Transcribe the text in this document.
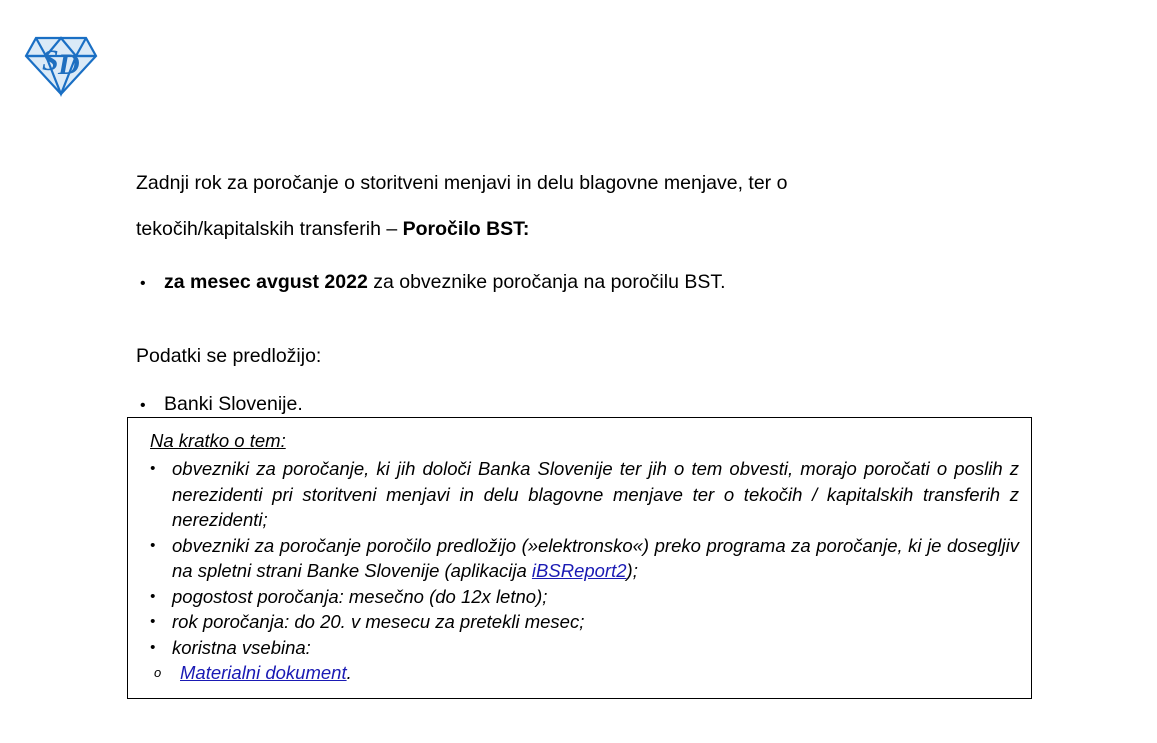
S D

Zadnji rok za poročanje o storitveni menjavi in delu blagovne menjave, ter o
tekočih/kapitalskih transferih – Poročilo BST:

• za mesec avgust 2022 za obveznike poročanja na poročilu BST.

Podatki se predložijo:

• Banki Slovenije.
Na kratko o tem:
• obvezniki za poročanje, ki jih določi Banka Slovenije ter jih o tem obvesti, morajo poročati o poslih z nerezidenti pri storitveni menjavi in delu blagovne menjave ter o tekočih / kapitalskih transferih z nerezidenti;
• obvezniki za poročanje poročilo predložijo (»elektronsko«) preko programa za poročanje, ki je dosegljiv na spletni strani Banke Slovenije (aplikacija iBSReport2);
• pogostost poročanja: mesečno (do 12x letno);
• rok poročanja: do 20. v mesecu za pretekli mesec;
• koristna vsebina:
o	Materialni dokument.
